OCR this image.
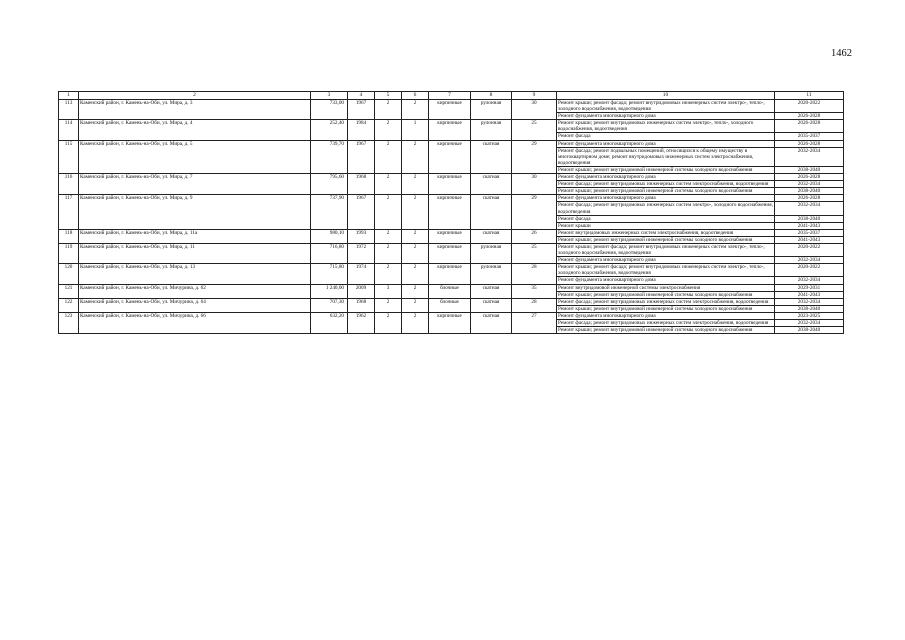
1462
1	2	3	4	5	6	7	8	9	10	11
113	Каменский район, г. Камень-на-Оби, ул. Мира, д. 3	733,00	1967	2	2	кирпичные	рулонная	30	Ремонт крыши; ремонт фасада; ремонт внутридомовых инженерных систем электро-, тепло-, холодного водоснабжения, водоотведения	2020-2022
									Ремонт фундамента многоквартирного дома	2026-2028
114	Каменский район, г. Камень-на-Оби, ул. Мира, д. 4	252,40	1984	2	1	кирпичные	рулонная	25	Ремонт крыши; ремонт внутридомовых инженерных систем электро-, тепло-, холодного водоснабжения, водоотведения	2026-2028
									Ремонт фасада	2035-2037
115	Каменский район, г. Камень-на-Оби, ул. Мира, д. 5	739,70	1967	2	2	кирпичные	скатная	29	Ремонт фундамента многоквартирного дома	2026-2028
									Ремонт фасада; ремонт подвальных помещений, относящихся к общему имуществу в многоквартирном доме; ремонт внутридомовых инженерных систем электроснабжения, водоотведения	2032-2034
									Ремонт крыши; ремонт внутридомовой инженерной системы холодного водоснабжения	2038-2040
116	Каменский район, г. Камень-на-Оби, ул. Мира, д. 7	795,60	1968	2	2	кирпичные	скатная	30	Ремонт фундамента многоквартирного дома	2026-2028
									Ремонт фасада; ремонт внутридомовых инженерных систем электроснабжения, водоотведения	2032-2034
									Ремонт крыши; ремонт внутридомовой инженерной системы холодного водоснабжения	2038-2040
117	Каменский район, г. Камень-на-Оби, ул. Мира, д. 9	737,90	1967	2	2	кирпичные	скатная	29	Ремонт фундамента многоквартирного дома	2026-2028
									Ремонт фасада; ремонт внутридомовых инженерных систем электро-, холодного водоснабжения, водоотведения	2032-2034
									Ремонт фасада	2038-2040
									Ремонт крыши	2041-2043
118	Каменский район, г. Камень-на-Оби, ул. Мира, д. 11а	980,10	1993	2	2	кирпичные	скатная	26	Ремонт внутридомовых инженерных систем электроснабжения, водоотведения	2035-2037
									Ремонт крыши; ремонт внутридомовой инженерной системы холодного водоснабжения	2041-2043
119	Каменский район, г. Камень-на-Оби, ул. Мира, д. 11	716,80	1972	2	2	кирпичные	рулонная	25	Ремонт крыши; ремонт фасада; ремонт внутридомовых инженерных систем электро-, тепло-, холодного водоснабжения, водоотведения	2020-2022
									Ремонт фундамента многоквартирного дома	2032-2034
120	Каменский район, г. Камень-на-Оби, ул. Мира, д. 13	715,80	1974	2	2	кирпичные	рулонная	28	Ремонт крыши; ремонт фасада; ремонт внутридомовых инженерных систем электро-, тепло-, холодного водоснабжения, водоотведения	2020-2022
									Ремонт фундамента многоквартирного дома	2032-2034
121	Каменский район, г. Камень-на-Оби, ул. Мичурина, д. 62	1 240,00	2009	3	2	блочные	скатная	35	Ремонт внутридомовой инженерной системы электроснабжения	2029-2031
									Ремонт крыши; ремонт внутридомовой инженерной системы холодного водоснабжения	2041-2043
122	Каменский район, г. Камень-на-Оби, ул. Мичурина, д. 64	707,30	1968	2	2	блочные	скатная	28	Ремонт фасада; ремонт внутридомовых инженерных систем электроснабжения, водоотведения	2032-2034
									Ремонт крыши; ремонт внутридомовой инженерной системы холодного водоснабжения	2038-2040
123	Каменский район, г. Камень-на-Оби, ул. Мичурина, д. 66	632,20	1962	2	2	кирпичные	скатная	27	Ремонт фундамента многоквартирного дома	2023-2025
									Ремонт фасада; ремонт внутридомовых инженерных систем электроснабжения, водоотведения	2032-2034
									Ремонт крыши; ремонт внутридомовой инженерной системы холодного водоснабжения	2038-2040
